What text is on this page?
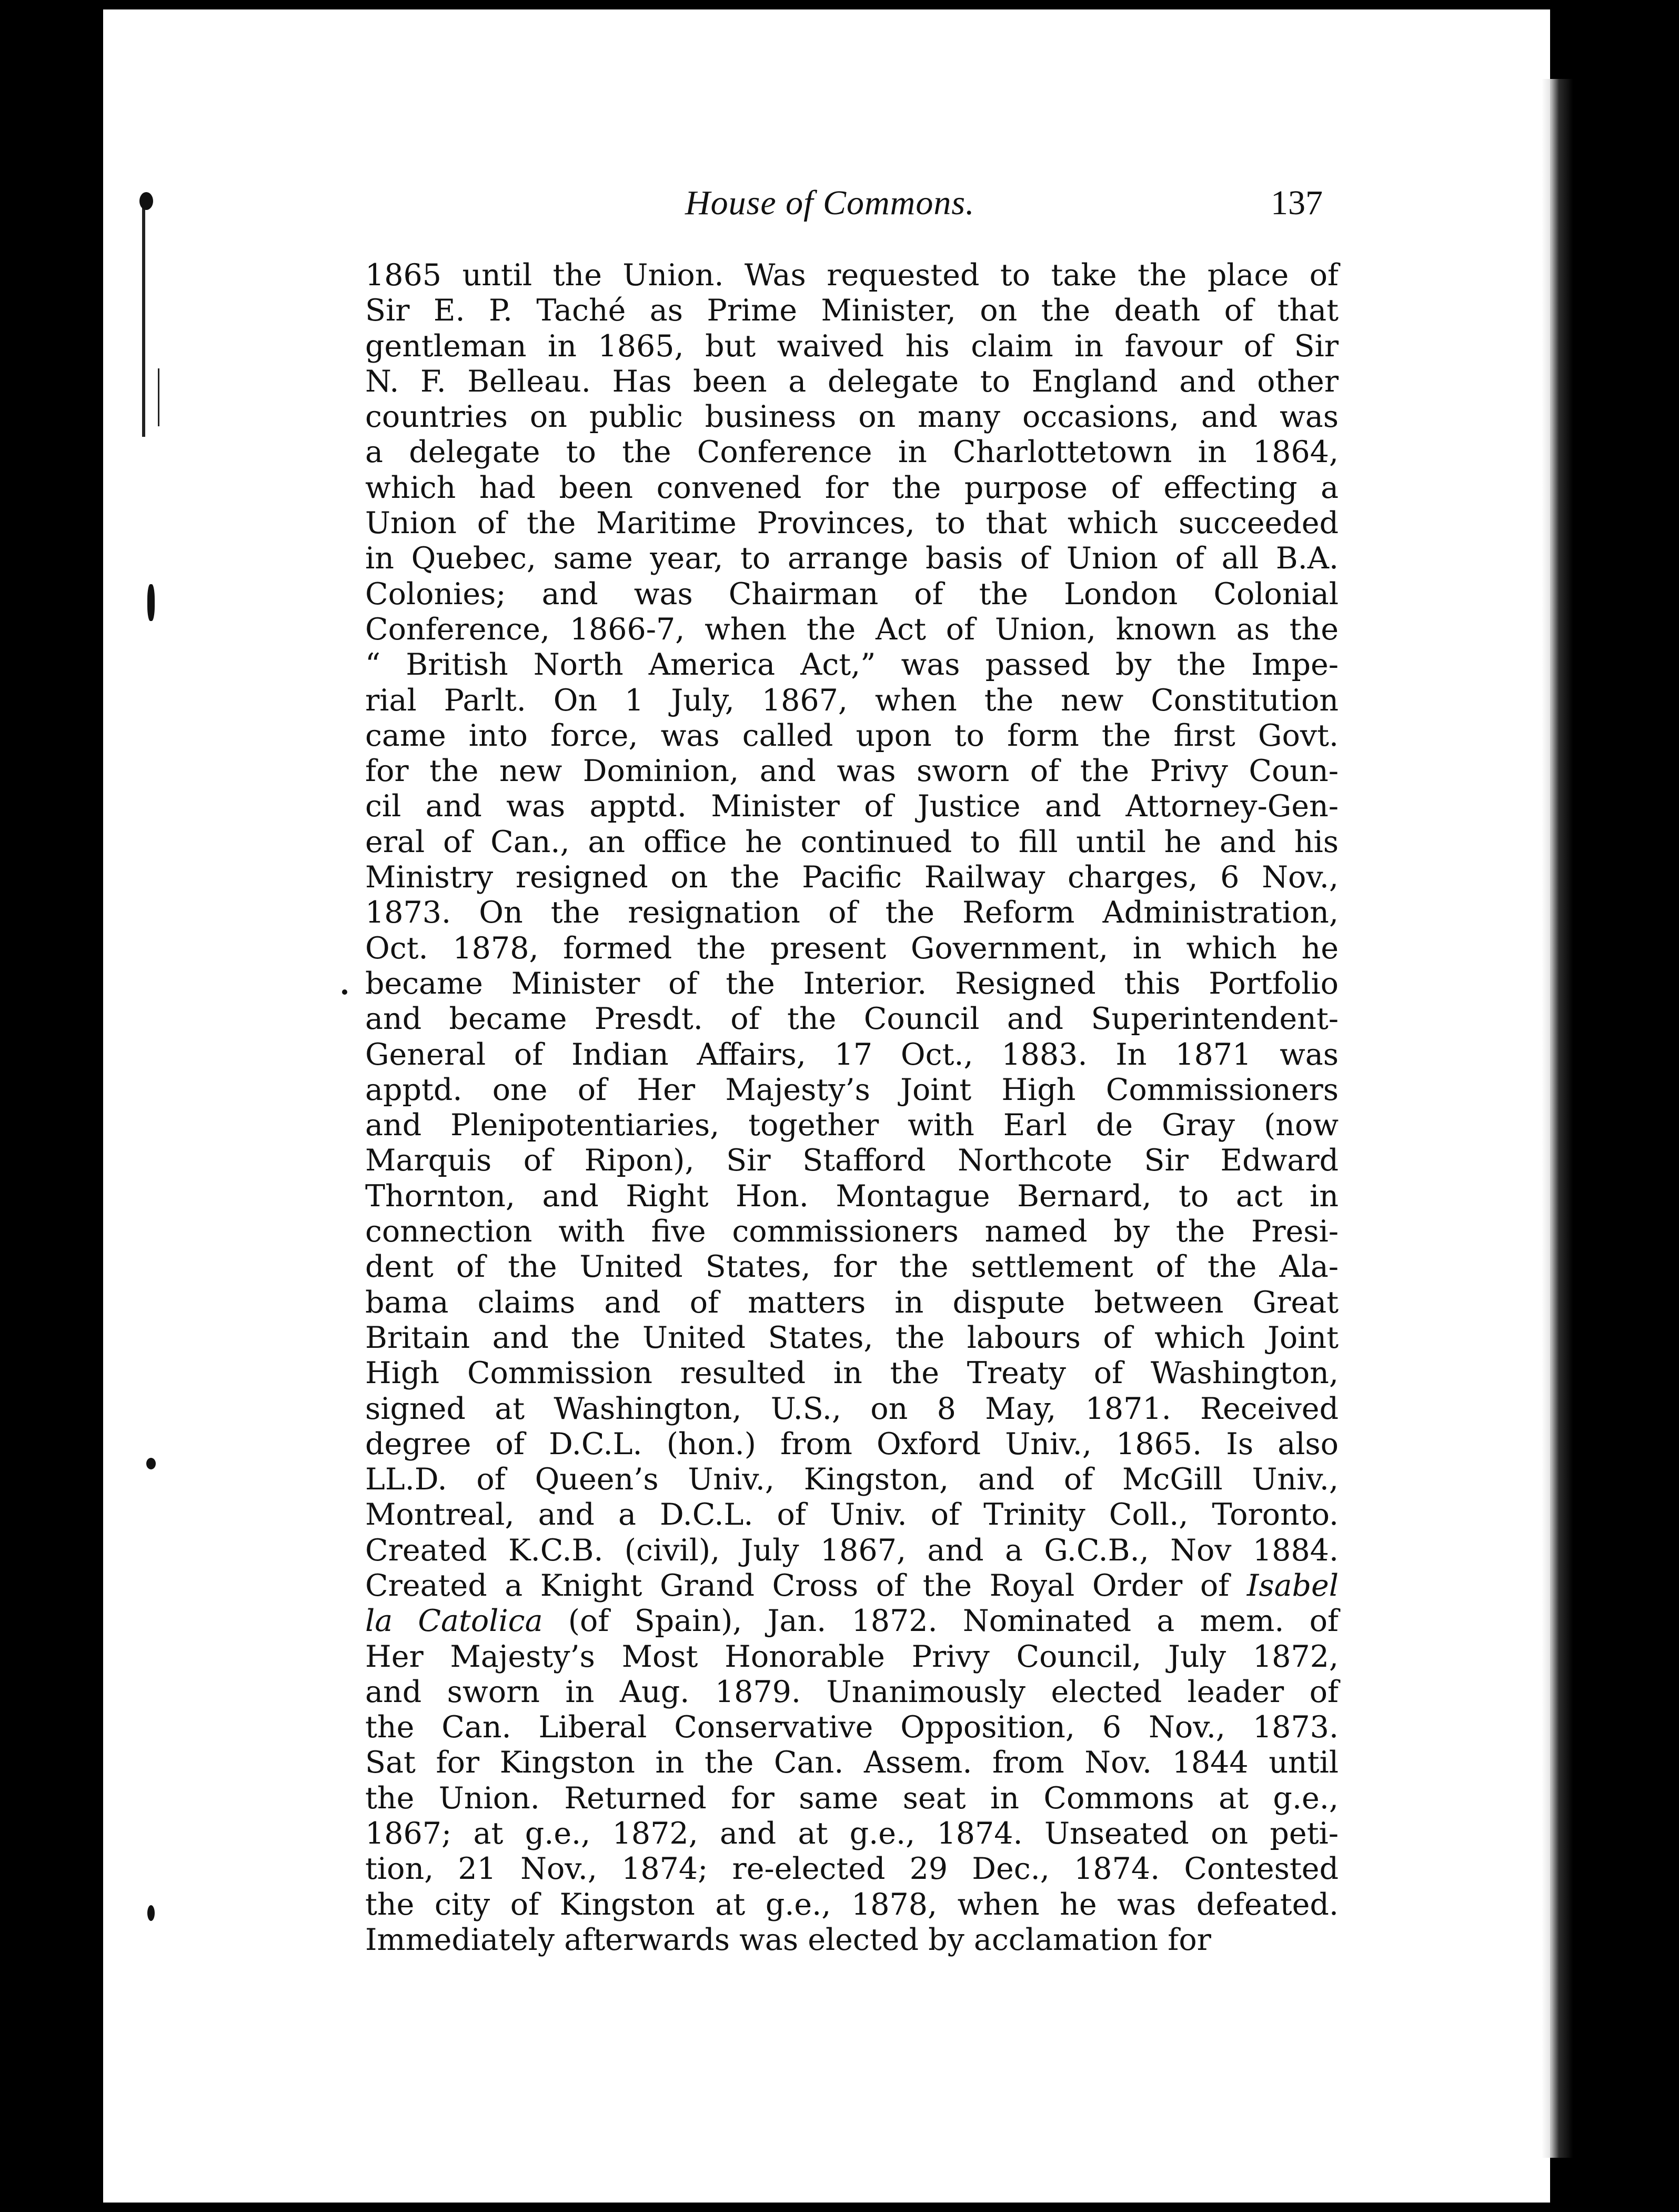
House of Commons.	137
1865 until the Union. Was requested to take the place of
Sir E. P. Taché as Prime Minister, on the death of that
gentleman in 1865, but waived his claim in favour of Sir
N. F. Belleau. Has been a delegate to England and other
countries on public business on many occasions, and was
a delegate to the Conference in Charlottetown in 1864,
which had been convened for the purpose of effecting a
Union of the Maritime Provinces, to that which succeeded
in Quebec, same year, to arrange basis of Union of all B.A.
Colonies; and was Chairman of the London Colonial
Conference, 1866-7, when the Act of Union, known as the
“ British North America Act,” was passed by the Impe-
rial Parlt. On 1 July, 1867, when the new Constitution
came into force, was called upon to form the first Govt.
for the new Dominion, and was sworn of the Privy Coun-
cil and was apptd. Minister of Justice and Attorney-Gen-
eral of Can., an office he continued to fill until he and his
Ministry resigned on the Pacific Railway charges, 6 Nov.,
1873. On the resignation of the Reform Administration,
Oct. 1878, formed the present Government, in which he
became Minister of the Interior. Resigned this Portfolio
and became Presdt. of the Council and Superintendent-
General of Indian Affairs, 17 Oct., 1883. In 1871 was
apptd. one of Her Majesty’s Joint High Commissioners
and Plenipotentiaries, together with Earl de Gray (now
Marquis of Ripon), Sir Stafford Northcote Sir Edward
Thornton, and Right Hon. Montague Bernard, to act in
connection with five commissioners named by the Presi-
dent of the United States, for the settlement of the Ala-
bama claims and of matters in dispute between Great
Britain and the United States, the labours of which Joint
High Commission resulted in the Treaty of Washington,
signed at Washington, U.S., on 8 May, 1871. Received
degree of D.C.L. (hon.) from Oxford Univ., 1865. Is also
LL.D. of Queen’s Univ., Kingston, and of McGill Univ.,
Montreal, and a D.C.L. of Univ. of Trinity Coll., Toronto.
Created K.C.B. (civil), July 1867, and a G.C.B., Nov 1884.
Created a Knight Grand Cross of the Royal Order of Isabel
la Catolica (of Spain), Jan. 1872. Nominated a mem. of
Her Majesty’s Most Honorable Privy Council, July 1872,
and sworn in Aug. 1879. Unanimously elected leader of
the Can. Liberal Conservative Opposition, 6 Nov., 1873.
Sat for Kingston in the Can. Assem. from Nov. 1844 until
the Union. Returned for same seat in Commons at g.e.,
1867; at g.e., 1872, and at g.e., 1874. Unseated on peti-
tion, 21 Nov., 1874; re-elected 29 Dec., 1874. Contested
the city of Kingston at g.e., 1878, when he was defeated.
Immediately afterwards was elected by acclamation for
